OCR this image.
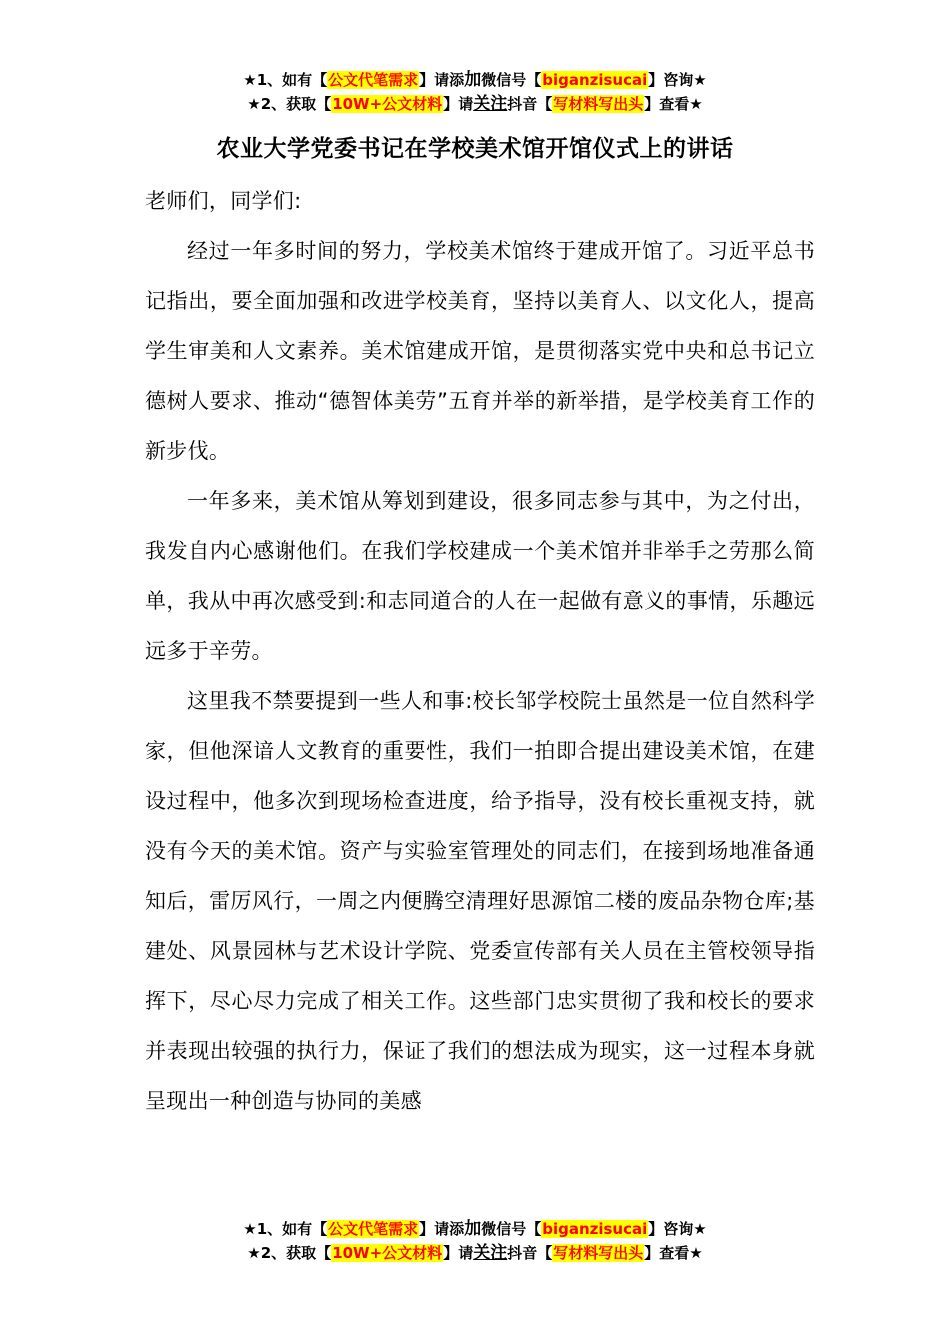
★1、如有【公文代笔需求】请添加微信号【biganzisucai】咨询★
★2、获取【10W+公文材料】请关注抖音【写材料写出头】查看★
农业大学党委书记在学校美术馆开馆仪式上的讲话

老师们，同学们:

经过一年多时间的努力，学校美术馆终于建成开馆了。习近平总书记指出，要全面加强和改进学校美育，坚持以美育人、以文化人，提高学生审美和人文素养。美术馆建成开馆，是贯彻落实党中央和总书记立德树人要求、推动“德智体美劳”五育并举的新举措，是学校美育工作的新步伐。

一年多来，美术馆从筹划到建设，很多同志参与其中，为之付出，我发自内心感谢他们。在我们学校建成一个美术馆并非举手之劳那么简单，我从中再次感受到:和志同道合的人在一起做有意义的事情，乐趣远远多于辛劳。

这里我不禁要提到一些人和事:校长邹学校院士虽然是一位自然科学家，但他深谙人文教育的重要性，我们一拍即合提出建设美术馆，在建设过程中，他多次到现场检查进度，给予指导，没有校长重视支持，就没有今天的美术馆。资产与实验室管理处的同志们，在接到场地准备通知后，雷厉风行，一周之内便腾空清理好思源馆二楼的废品杂物仓库;基建处、风景园林与艺术设计学院、党委宣传部有关人员在主管校领导指挥下，尽心尽力完成了相关工作。这些部门忠实贯彻了我和校长的要求并表现出较强的执行力，保证了我们的想法成为现实，这一过程本身就呈现出一种创造与协同的美感

★1、如有【公文代笔需求】请添加微信号【biganzisucai】咨询★
★2、获取【10W+公文材料】请关注抖音【写材料写出头】查看★
